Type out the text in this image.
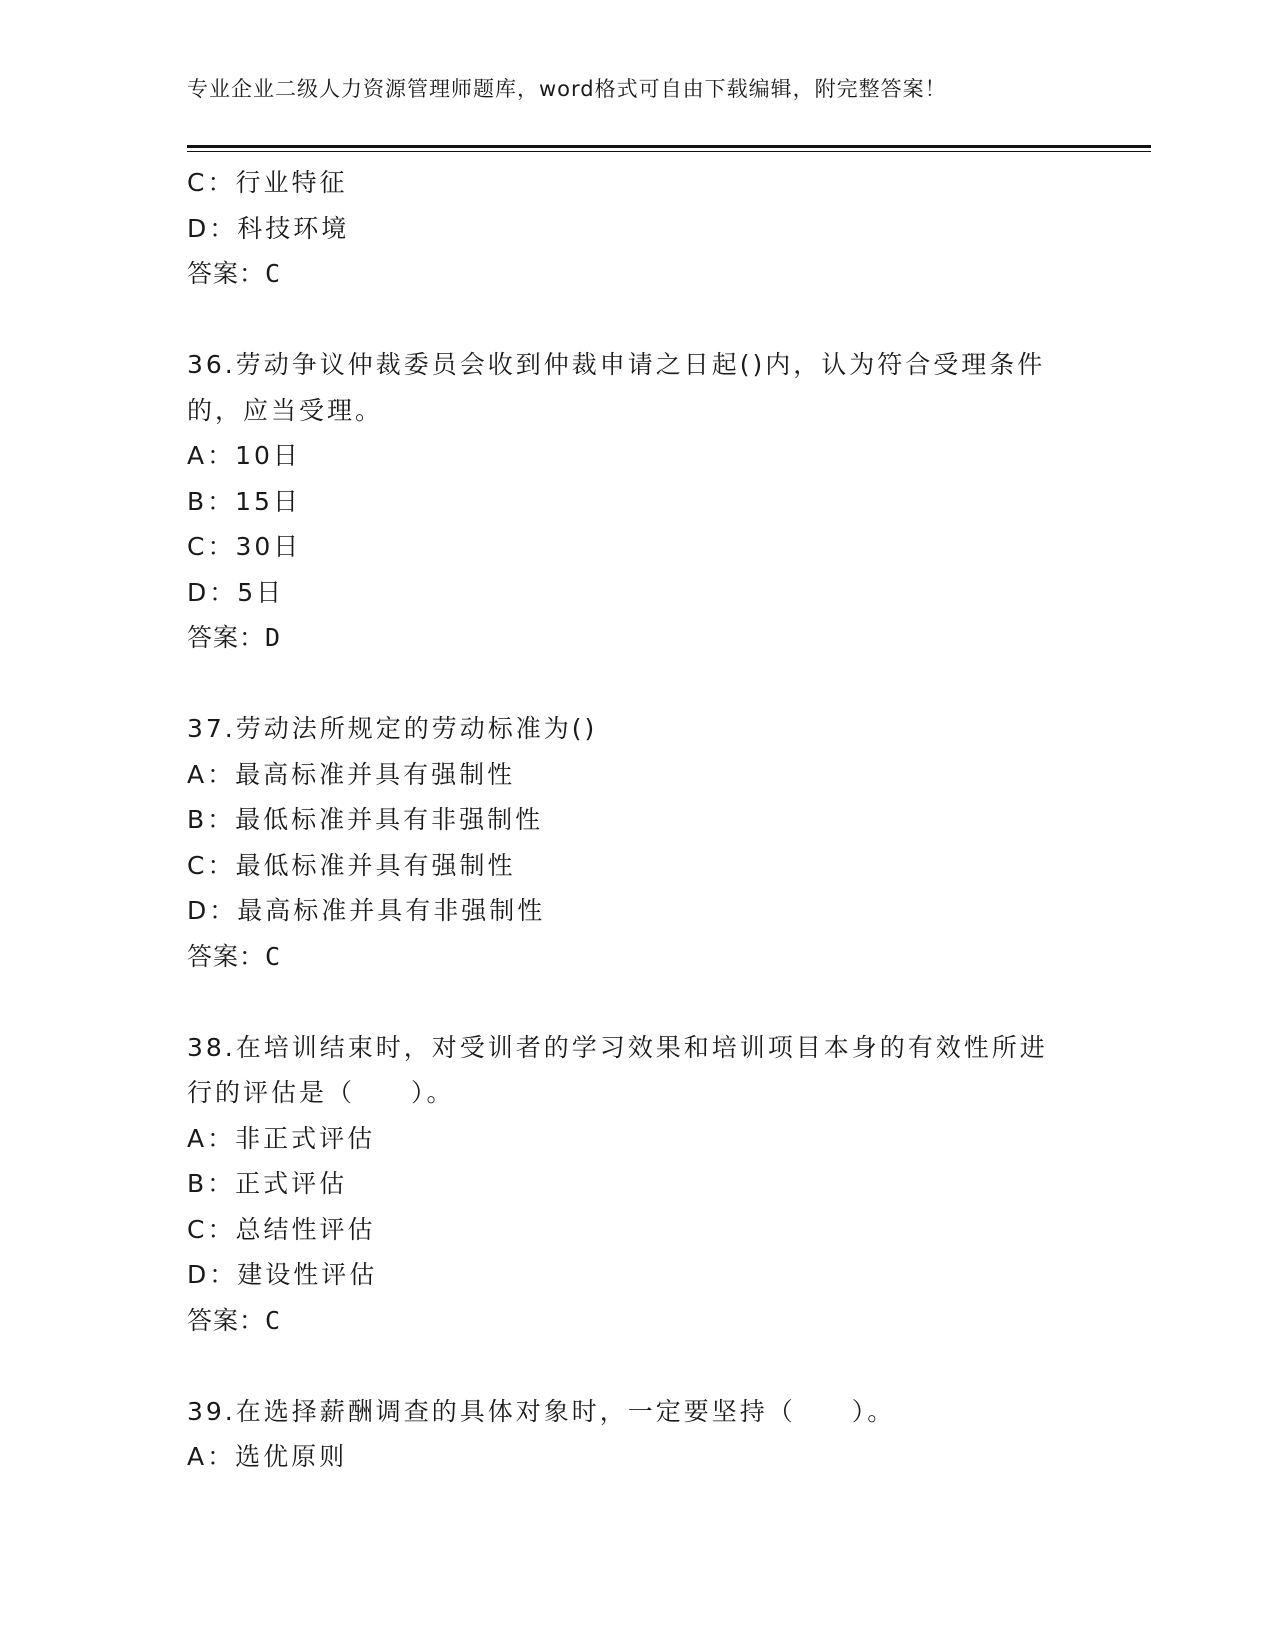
专业企业二级人力资源管理师题库，word格式可自由下载编辑，附完整答案！
C：行业特征
D：科技环境
答案：C
36.劳动争议仲裁委员会收到仲裁申请之日起()内，认为符合受理条件
的，应当受理。
A：10日
B：15日
C：30日
D：5日
答案：D
37.劳动法所规定的劳动标准为()
A：最高标准并具有强制性
B：最低标准并具有非强制性
C：最低标准并具有强制性
D：最高标准并具有非强制性
答案：C
38.在培训结束时，对受训者的学习效果和培训项目本身的有效性所进
行的评估是（　　）。
A：非正式评估
B：正式评估
C：总结性评估
D：建设性评估
答案：C
39.在选择薪酬调查的具体对象时，一定要坚持（　　）。
A：选优原则
